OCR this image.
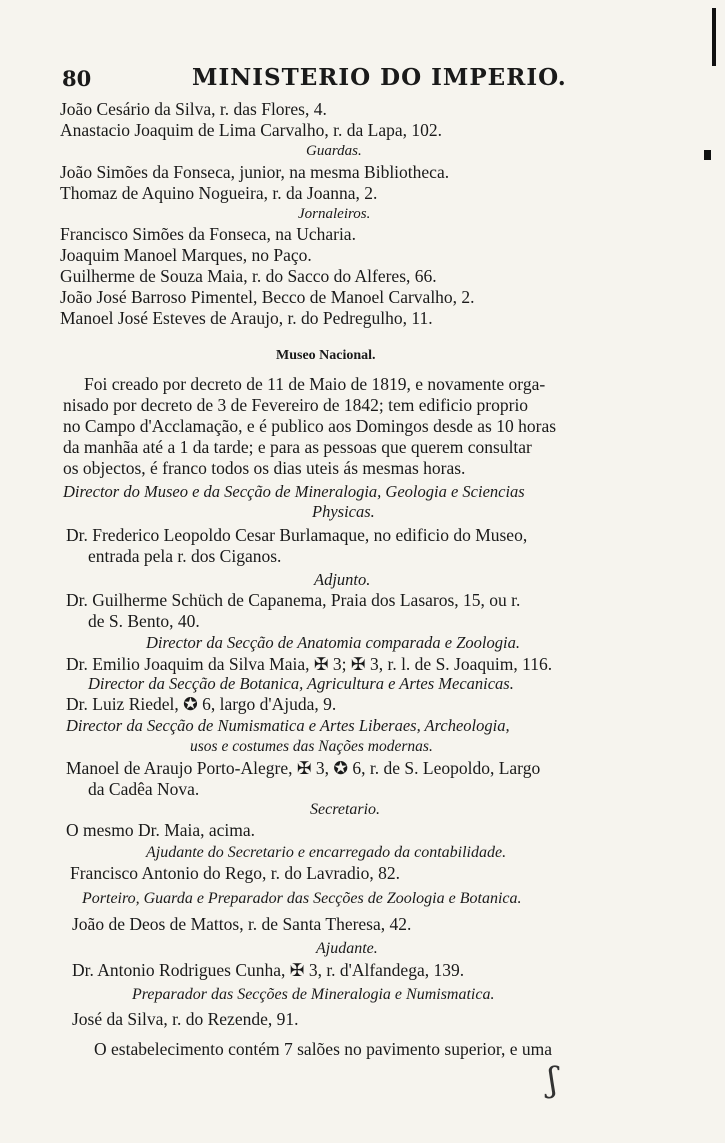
80	MINISTERIO DO IMPERIO.
João Cesário da Silva, r. das Flores, 4.
Anastacio Joaquim de Lima Carvalho, r. da Lapa, 102.
Guardas.
João Simões da Fonseca, junior, na mesma Bibliotheca.
Thomaz de Aquino Nogueira, r. da Joanna, 2.
Jornaleiros.
Francisco Simões da Fonseca, na Ucharia.
Joaquim Manoel Marques, no Paço.
Guilherme de Souza Maia, r. do Sacco do Alferes, 66.
João José Barroso Pimentel, Becco de Manoel Carvalho, 2.
Manoel José Esteves de Araujo, r. do Pedregulho, 11.
Museo Nacional.
Foi creado por decreto de 11 de Maio de 1819, e novamente orga-
nisado por decreto de 3 de Fevereiro de 1842; tem edificio proprio
no Campo d'Acclamação, e é publico aos Domingos desde as 10 horas
da manhãa até a 1 da tarde; e para as pessoas que querem consultar
os objectos, é franco todos os dias uteis ás mesmas horas.
Director do Museo e da Secção de Mineralogia, Geologia e Sciencias
Physicas.
Dr. Frederico Leopoldo Cesar Burlamaque, no edificio do Museo,
entrada pela r. dos Ciganos.
Adjunto.
Dr. Guilherme Schüch de Capanema, Praia dos Lasaros, 15, ou r.
de S. Bento, 40.
Director da Secção de Anatomia comparada e Zoologia.
Dr. Emilio Joaquim da Silva Maia, ✠ 3; ✠ 3, r. l. de S. Joaquim, 116.
Director da Secção de Botanica, Agricultura e Artes Mecanicas.
Dr. Luiz Riedel, ✪ 6, largo d'Ajuda, 9.
Director da Secção de Numismatica e Artes Liberaes, Archeologia,
usos e costumes das Nações modernas.
Manoel de Araujo Porto-Alegre, ✠ 3, ✪ 6, r. de S. Leopoldo, Largo
da Cadêa Nova.
Secretario.
O mesmo Dr. Maia, acima.
Ajudante do Secretario e encarregado da contabilidade.
Francisco Antonio do Rego, r. do Lavradio, 82.
Porteiro, Guarda e Preparador das Secções de Zoologia e Botanica.
João de Deos de Mattos, r. de Santa Theresa, 42.
Ajudante.
Dr. Antonio Rodrigues Cunha, ✠ 3, r. d'Alfandega, 139.
Preparador das Secções de Mineralogia e Numismatica.
José da Silva, r. do Rezende, 91.
O estabelecimento contém 7 salões no pavimento superior, e uma
ʃ
